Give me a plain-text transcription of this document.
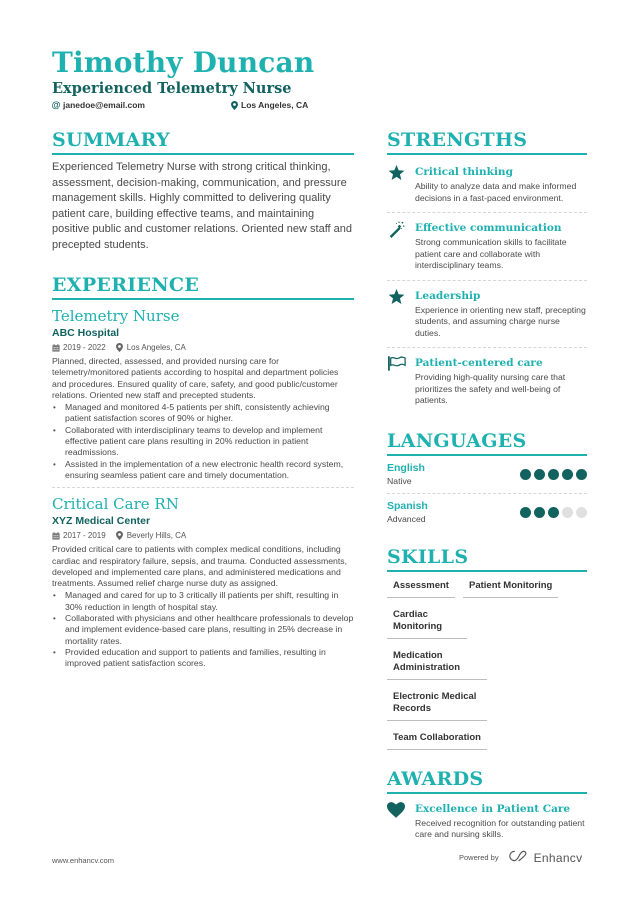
Timothy Duncan
Experienced Telemetry Nurse
@ janedoe@email.com	Los Angeles, CA
SUMMARY

Experienced Telemetry Nurse with strong critical thinking, assessment, decision-making, communication, and pressure management skills. Highly committed to delivering quality patient care, building effective teams, and maintaining positive public and customer relations. Oriented new staff and precepted students.

EXPERIENCE
Telemetry Nurse
ABC Hospital
2019 - 2022	Los Angeles, CA

Planned, directed, assessed, and provided nursing care for telemetry/monitored patients according to hospital and department policies and procedures. Ensured quality of care, safety, and good public/customer relations. Oriented new staff and precepted students.

• Managed and monitored 4-5 patients per shift, consistently achieving patient satisfaction scores of 90% or higher.
• Collaborated with interdisciplinary teams to develop and implement effective patient care plans resulting in 20% reduction in patient readmissions.
• Assisted in the implementation of a new electronic health record system, ensuring seamless patient care and timely documentation.
Critical Care RN
XYZ Medical Center
2017 - 2019	Beverly Hills, CA

Provided critical care to patients with complex medical conditions, including cardiac and respiratory failure, sepsis, and trauma. Conducted assessments, developed and implemented care plans, and administered medications and treatments. Assumed relief charge nurse duty as assigned.

• Managed and cared for up to 3 critically ill patients per shift, resulting in 30% reduction in length of hospital stay.
• Collaborated with physicians and other healthcare professionals to develop and implement evidence-based care plans, resulting in 25% decrease in mortality rates.
• Provided education and support to patients and families, resulting in improved patient satisfaction scores.
STRENGTHS
Critical thinking
Ability to analyze data and make informed decisions in a fast-paced environment.
Effective communication
Strong communication skills to facilitate patient care and collaborate with interdisciplinary teams.
Leadership
Experience in orienting new staff, precepting students, and assuming charge nurse duties.
Patient-centered care
Providing high-quality nursing care that prioritizes the safety and well-being of patients.
LANGUAGES
English
Native
Spanish
Advanced
SKILLS
Assessment	Patient Monitoring
Cardiac Monitoring
Medication Administration
Electronic Medical Records
Team Collaboration
AWARDS
Excellence in Patient Care
Received recognition for outstanding patient care and nursing skills.
www.enhancv.com	Powered by	Enhancv
